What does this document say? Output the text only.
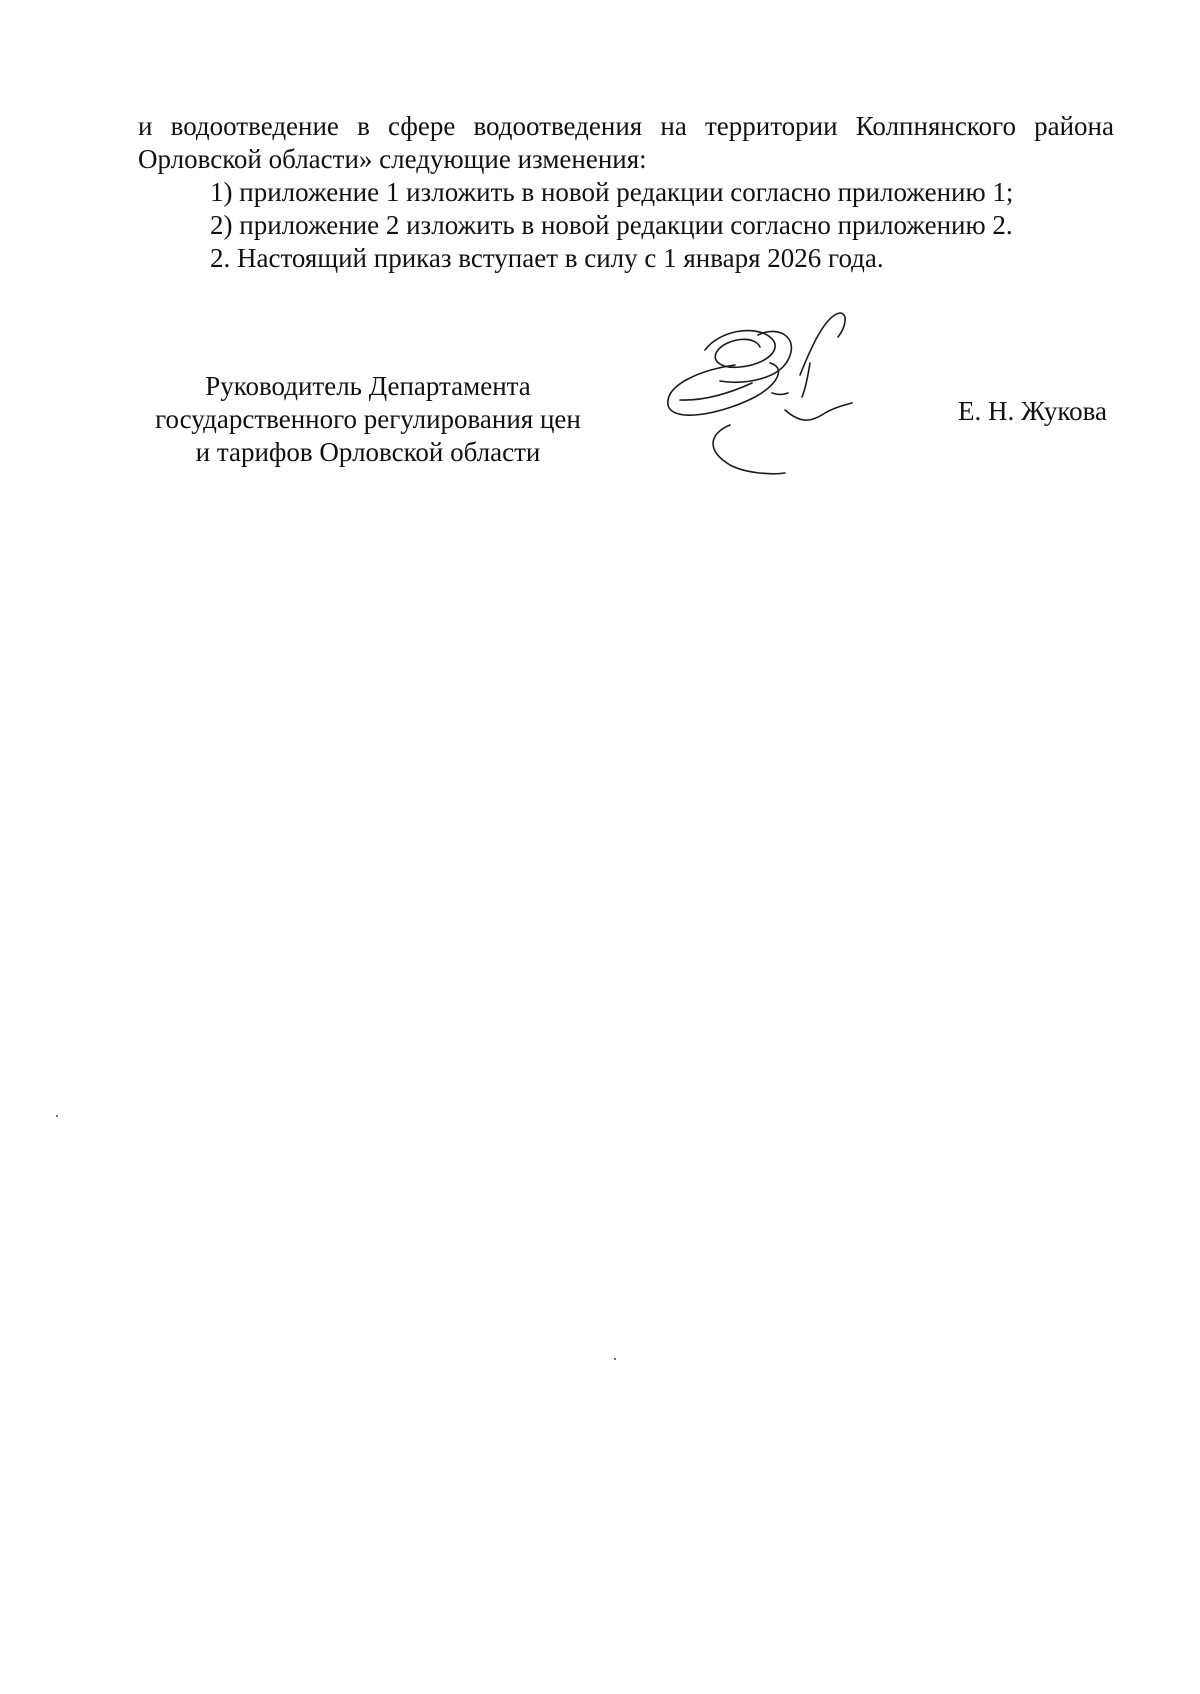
и водоотведение в сфере водоотведения на территории Колпнянского района
Орловской области» следующие изменения:
1) приложение 1 изложить в новой редакции согласно приложению 1;
2) приложение 2 изложить в новой редакции согласно приложению 2.
2. Настоящий приказ вступает в силу с 1 января 2026 года.
Руководитель Департамента
государственного регулирования цен
и тарифов Орловской области
Е. Н. Жукова
